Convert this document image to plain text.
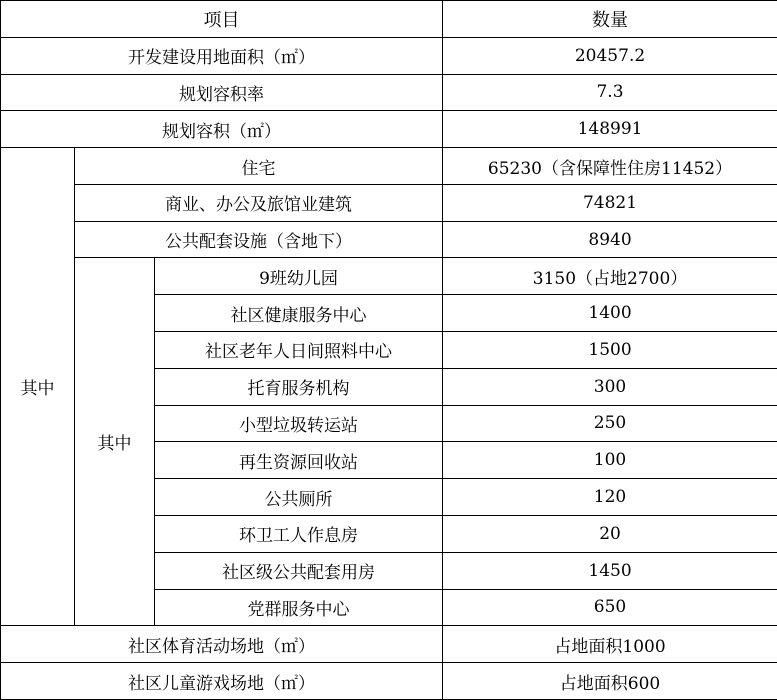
项目			数量
开发建设用地面积（㎡）			20457.2
规划容积率			7.3
规划容积（㎡）			148991
其中	住宅		65230（含保障性住房11452）
	商业、办公及旅馆业建筑		74821
	公共配套设施（含地下）		8940
	其中	9班幼儿园	3150（占地2700）
		社区健康服务中心	1400
		社区老年人日间照料中心	1500
		托育服务机构	300
		小型垃圾转运站	250
		再生资源回收站	100
		公共厕所	120
		环卫工人作息房	20
		社区级公共配套用房	1450
		党群服务中心	650
社区体育活动场地（㎡）			占地面积1000
社区儿童游戏场地（㎡）			占地面积600
